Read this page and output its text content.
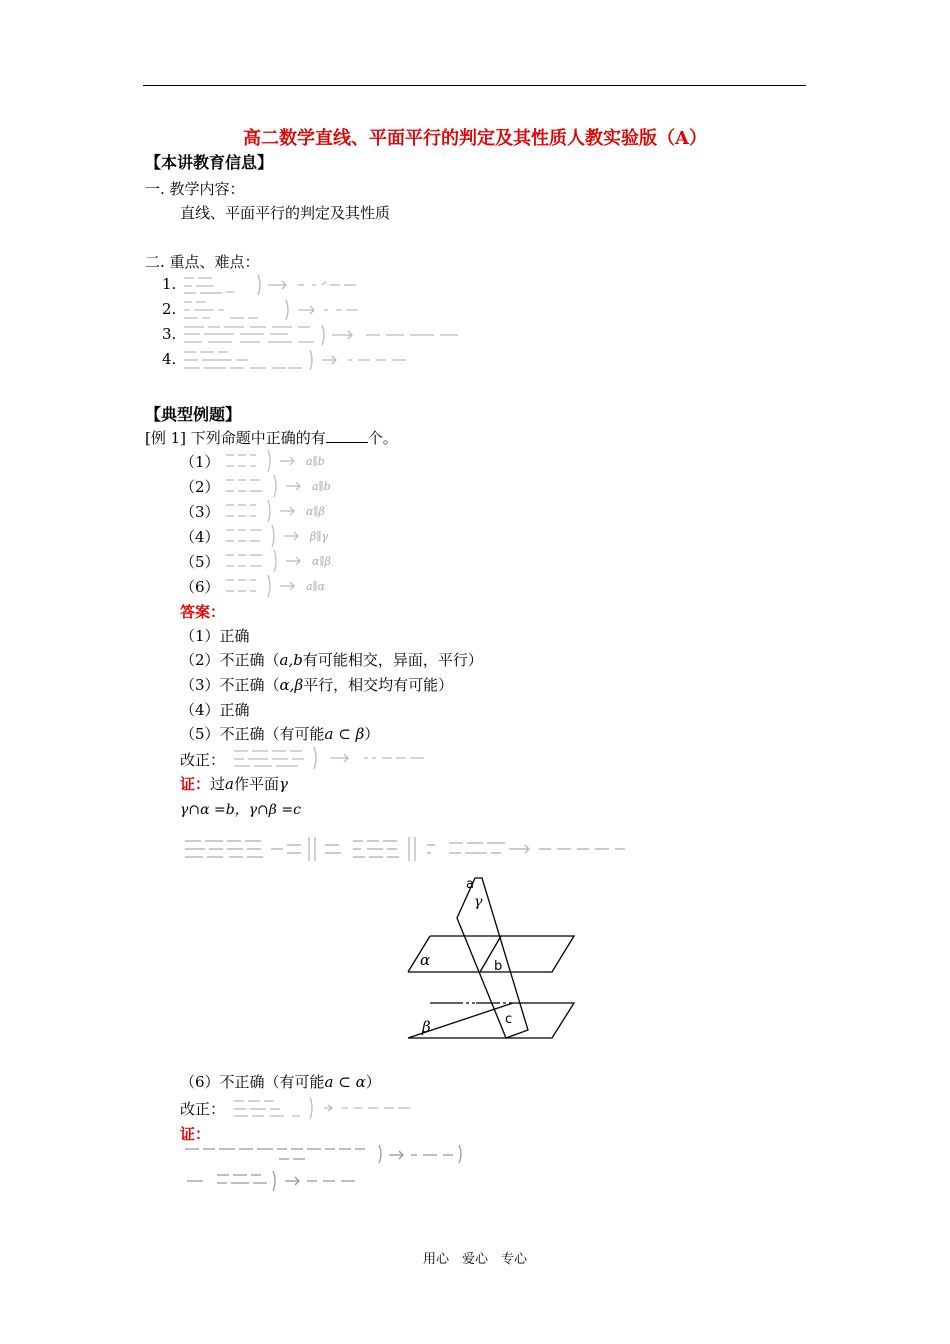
高二数学直线、平面平行的判定及其性质人教实验版（A）
【本讲教育信息】
一. 教学内容：
直线、平面平行的判定及其性质
二. 重点、难点：
1.
2.
3.
4.
【典型例题】
[例 1] 下列命题中正确的有	个。
（1）	a∥b
（2）	a∥b
（3）	α∥β
（4）	β∥γ
（5）	α∥β
（6）	a∥α
答案：
（1）正确
（2）不正确（a,b有可能相交，异面，平行）
（3）不正确（α,β平行，相交均有可能）
（4）正确
（5）不正确（有可能a ⊂ β）
改正：
证：过a作平面γ
γ∩α =b，γ∩β =c
a
γ
α	b
β	c
（6）不正确（有可能a ⊂ α）
改正：
证：
用心　爱心　专心
